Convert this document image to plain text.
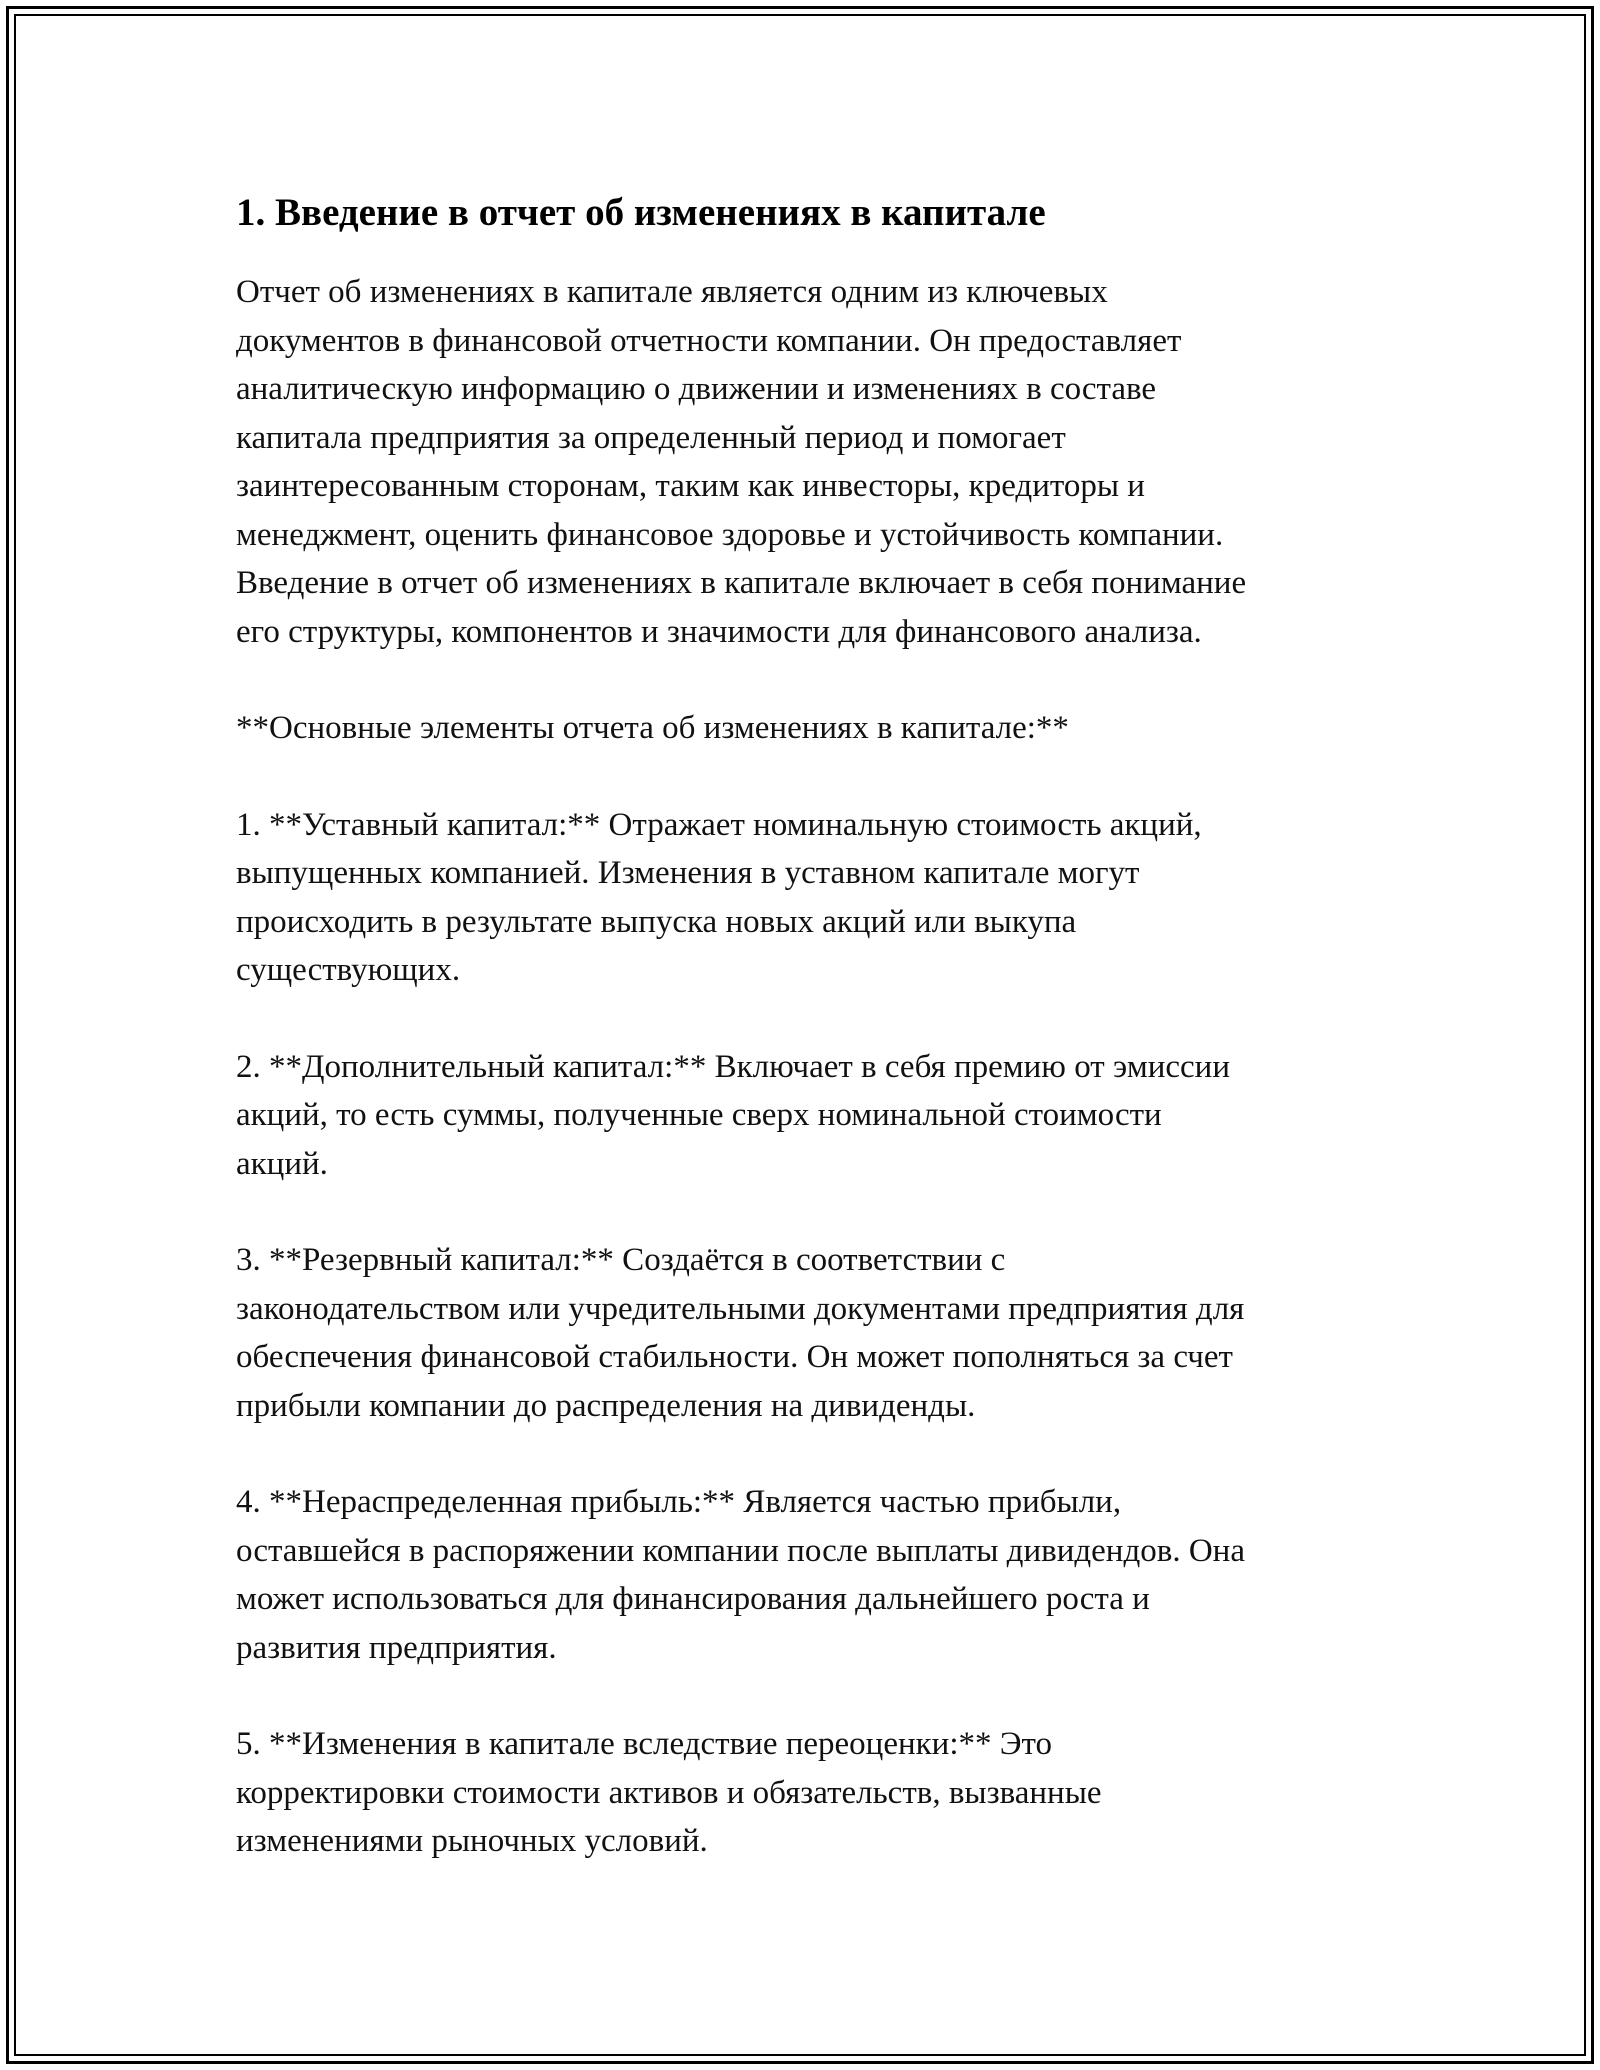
1. Введение в отчет об изменениях в капитале

Отчет об изменениях в капитале является одним из ключевых
документов в финансовой отчетности компании. Он предоставляет
аналитическую информацию о движении и изменениях в составе
капитала предприятия за определенный период и помогает
заинтересованным сторонам, таким как инвесторы, кредиторы и
менеджмент, оценить финансовое здоровье и устойчивость компании.
Введение в отчет об изменениях в капитале включает в себя понимание
его структуры, компонентов и значимости для финансового анализа.

**Основные элементы отчета об изменениях в капитале:**

1. **Уставный капитал:** Отражает номинальную стоимость акций,
выпущенных компанией. Изменения в уставном капитале могут
происходить в результате выпуска новых акций или выкупа
существующих.

2. **Дополнительный капитал:** Включает в себя премию от эмиссии
акций, то есть суммы, полученные сверх номинальной стоимости
акций.

3. **Резервный капитал:** Создаётся в соответствии с
законодательством или учредительными документами предприятия для
обеспечения финансовой стабильности. Он может пополняться за счет
прибыли компании до распределения на дивиденды.

4. **Нераспределенная прибыль:** Является частью прибыли,
оставшейся в распоряжении компании после выплаты дивидендов. Она
может использоваться для финансирования дальнейшего роста и
развития предприятия.

5. **Изменения в капитале вследствие переоценки:** Это
корректировки стоимости активов и обязательств, вызванные
изменениями рыночных условий.
